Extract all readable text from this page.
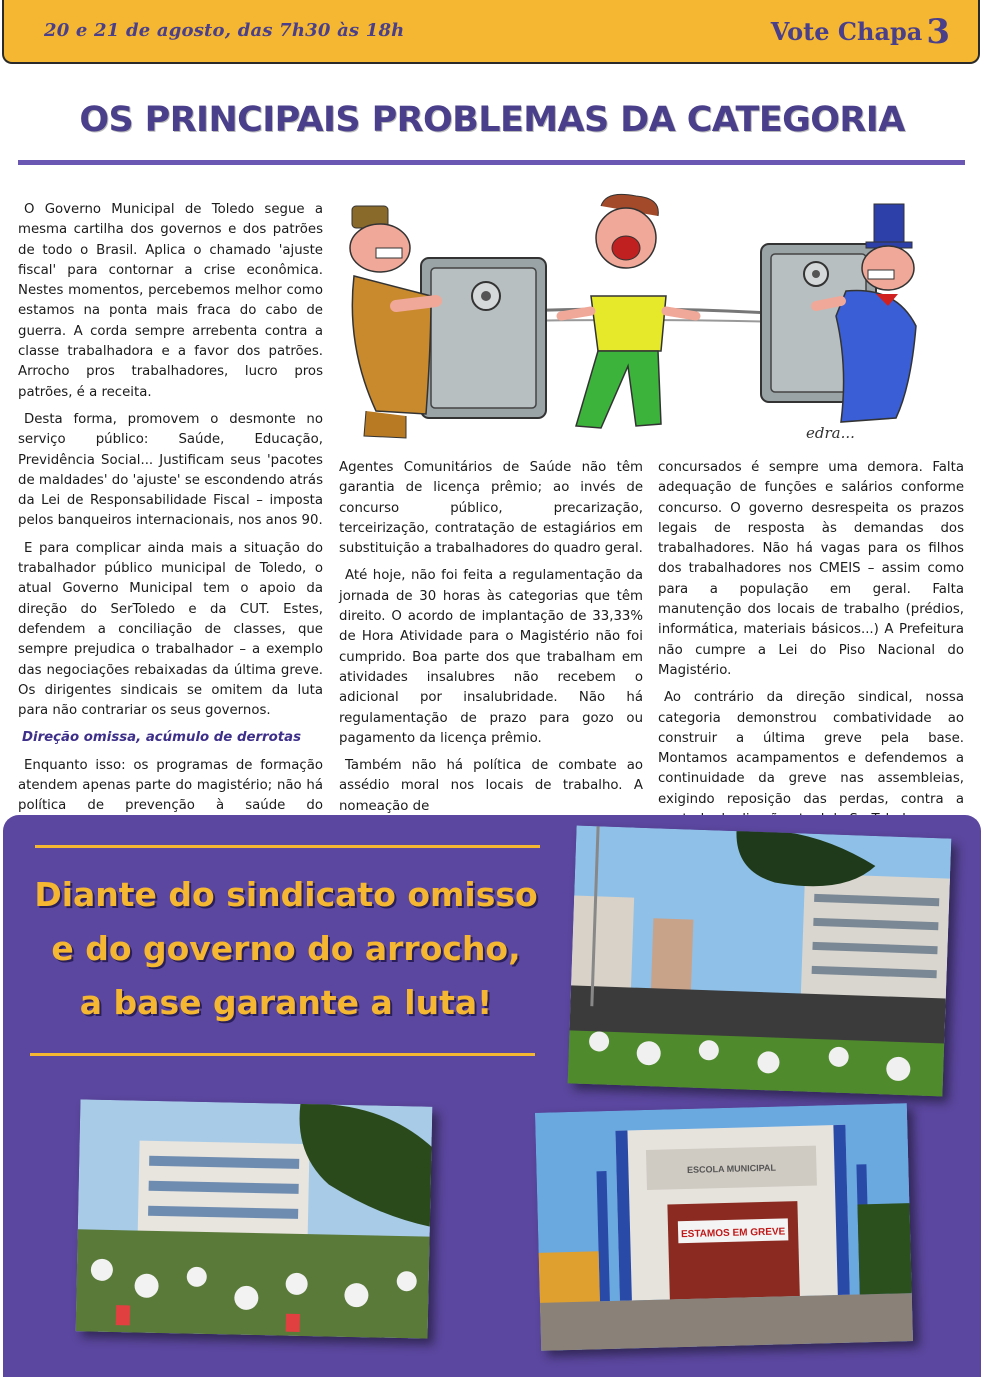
20 e 21 de agosto, das 7h30 às 18h	Vote Chapa 3
OS PRINCIPAIS PROBLEMAS DA CATEGORIA

O Governo Municipal de Toledo segue a mesma cartilha dos governos e dos patrões de todo o Brasil. Aplica o chamado 'ajuste fiscal' para contornar a crise econômica. Nestes momentos, percebemos melhor como estamos na ponta mais fraca do cabo de guerra. A corda sempre arrebenta contra a classe trabalhadora e a favor dos patrões. Arrocho pros trabalhadores, lucro pros patrões, é a receita.

Desta forma, promovem o desmonte no serviço público: Saúde, Educação, Previdência Social... Justificam seus 'pacotes de maldades' do 'ajuste' se escondendo atrás da Lei de Responsabilidade Fiscal – imposta pelos banqueiros internacionais, nos anos 90.

E para complicar ainda mais a situação do trabalhador público municipal de Toledo, o atual Governo Municipal tem o apoio da direção do SerToledo e da CUT. Estes, defendem a conciliação de classes, que sempre prejudica o trabalhador – a exemplo das negociações rebaixadas da última greve. Os dirigentes sindicais se omitem da luta para não contrariar os seus governos.

Direção omissa, acúmulo de derrotas

Enquanto isso: os programas de formação atendem apenas parte do magistério; não há política de prevenção à saúde do

edra...

Agentes Comunitários de Saúde não têm garantia de licença prêmio; ao invés de concurso público, precarização, terceirização, contratação de estagiários em substituição a trabalhadores do quadro geral.

Até hoje, não foi feita a regulamentação da jornada de 30 horas às categorias que têm direito. O acordo de implantação de 33,33% de Hora Atividade para o Magistério não foi cumprido. Boa parte dos que trabalham em atividades insalubres não recebem o adicional por insalubridade. Não há regulamentação de prazo para gozo ou pagamento da licença prêmio.

Também não há política de combate ao assédio moral nos locais de trabalho. A nomeação de

concursados é sempre uma demora. Falta adequação de funções e salários conforme concurso. O governo desrespeita os prazos legais de resposta às demandas dos trabalhadores. Não há vagas para os filhos dos trabalhadores nos CMEIS – assim como para a população em geral. Falta manutenção dos locais de trabalho (prédios, informática, materiais básicos...) A Prefeitura não cumpre a Lei do Piso Nacional do Magistério.

Ao contrário da direção sindical, nossa categoria demonstrou combatividade ao construir a última greve pela base. Montamos acampamentos e defendemos a continuidade da greve nas assembleias, exigindo reposição das perdas, contra a

Diante do sindicato omisso
e do governo do arrocho,
a base garante a luta!
ESTAMOS EM GREVE
ESCOLA MUNICIPAL
